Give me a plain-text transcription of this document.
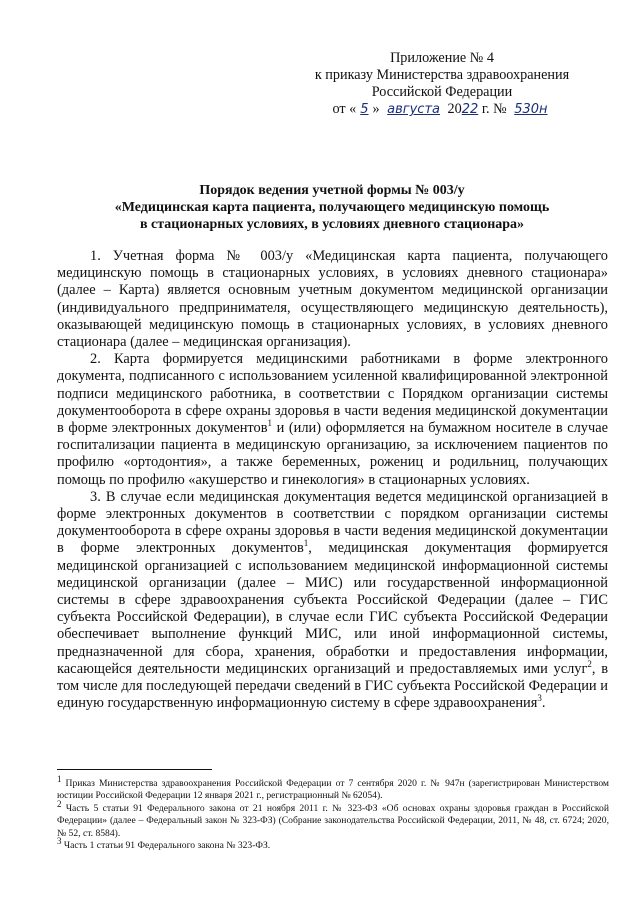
Приложение № 4
к приказу Министерства здравоохранения
Российской Федерации
от « 5 » августа 2022 г. № 530н
Порядок ведения учетной формы № 003/у
«Медицинская карта пациента, получающего медицинскую помощь
в стационарных условиях, в условиях дневного стационара»

1. Учетная форма № 003/у «Медицинская карта пациента, получающего медицинскую помощь в стационарных условиях, в условиях дневного стационара» (далее – Карта) является основным учетным документом медицинской организации (индивидуального предпринимателя, осуществляющего медицинскую деятельность), оказывающей медицинскую помощь в стационарных условиях, в условиях дневного стационара (далее – медицинская организация).

2. Карта формируется медицинскими работниками в форме электронного документа, подписанного с использованием усиленной квалифицированной электронной подписи медицинского работника, в соответствии с Порядком организации системы документооборота в сфере охраны здоровья в части ведения медицинской документации в форме электронных документов$^1$ и (или) оформляется на бумажном носителе в случае госпитализации пациента в медицинскую организацию, за исключением пациентов по профилю «ортодонтия», а также беременных, рожениц и родильниц, получающих помощь по профилю «акушерство и гинекология» в стационарных условиях.

3. В случае если медицинская документация ведется медицинской организацией в форме электронных документов в соответствии с порядком организации системы документооборота в сфере охраны здоровья в части ведения медицинской документации в форме электронных документов$^1$, медицинская документация формируется медицинской организацией с использованием медицинской информационной системы медицинской организации (далее – МИС) или государственной информационной системы в сфере здравоохранения субъекта Российской Федерации (далее – ГИС субъекта Российской Федерации), в случае если ГИС субъекта Российской Федерации обеспечивает выполнение функций МИС, или иной информационной системы, предназначенной для сбора, хранения, обработки и предоставления информации, касающейся деятельности медицинских организаций и предоставляемых ими услуг$^2$, в том числе для последующей передачи сведений в ГИС субъекта Российской Федерации и единую государственную информационную систему в сфере здравоохранения$^3$.

$^1$ Приказ Министерства здравоохранения Российской Федерации от 7 сентября 2020 г. № 947н (зарегистрирован Министерством юстиции Российской Федерации 12 января 2021 г., регистрационный № 62054).

$^2$ Часть 5 статьи 91 Федерального закона от 21 ноября 2011 г. № 323-ФЗ «Об основах охраны здоровья граждан в Российской Федерации» (далее – Федеральный закон № 323-ФЗ) (Собрание законодательства Российской Федерации, 2011, № 48, ст. 6724; 2020, № 52, ст. 8584).

$^3$ Часть 1 статьи 91 Федерального закона № 323-ФЗ.
